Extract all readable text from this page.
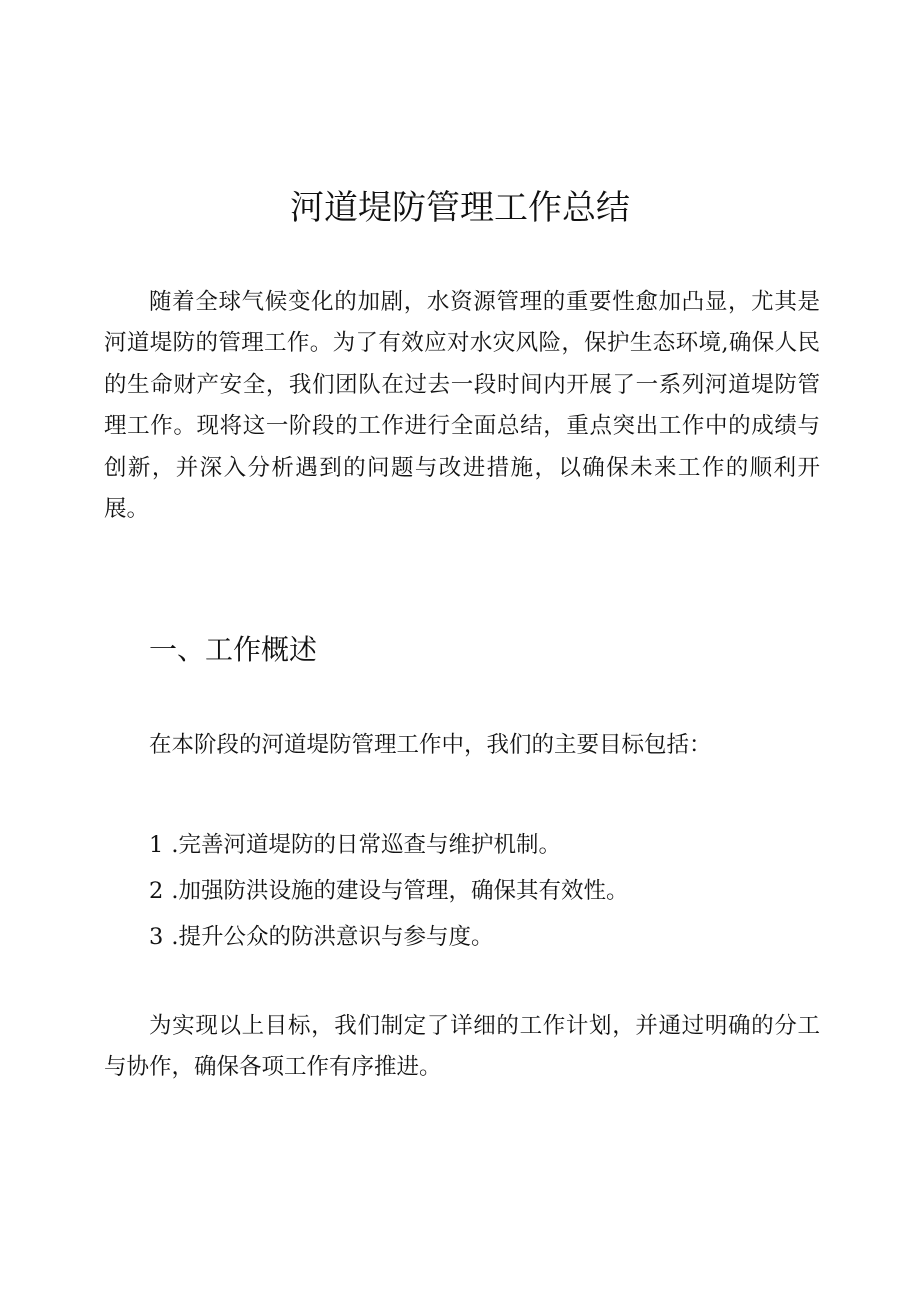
河道堤防管理工作总结

随着全球气候变化的加剧，水资源管理的重要性愈加凸显，尤其是河道堤防的管理工作。为了有效应对水灾风险，保护生态环境,确保人民的生命财产安全，我们团队在过去一段时间内开展了一系列河道堤防管理工作。现将这一阶段的工作进行全面总结，重点突出工作中的成绩与创新，并深入分析遇到的问题与改进措施，以确保未来工作的顺利开展。

一、工作概述

在本阶段的河道堤防管理工作中，我们的主要目标包括：

1 .完善河道堤防的日常巡查与维护机制。
2 .加强防洪设施的建设与管理，确保其有效性。
3 .提升公众的防洪意识与参与度。

为实现以上目标，我们制定了详细的工作计划，并通过明确的分工与协作，确保各项工作有序推进。
